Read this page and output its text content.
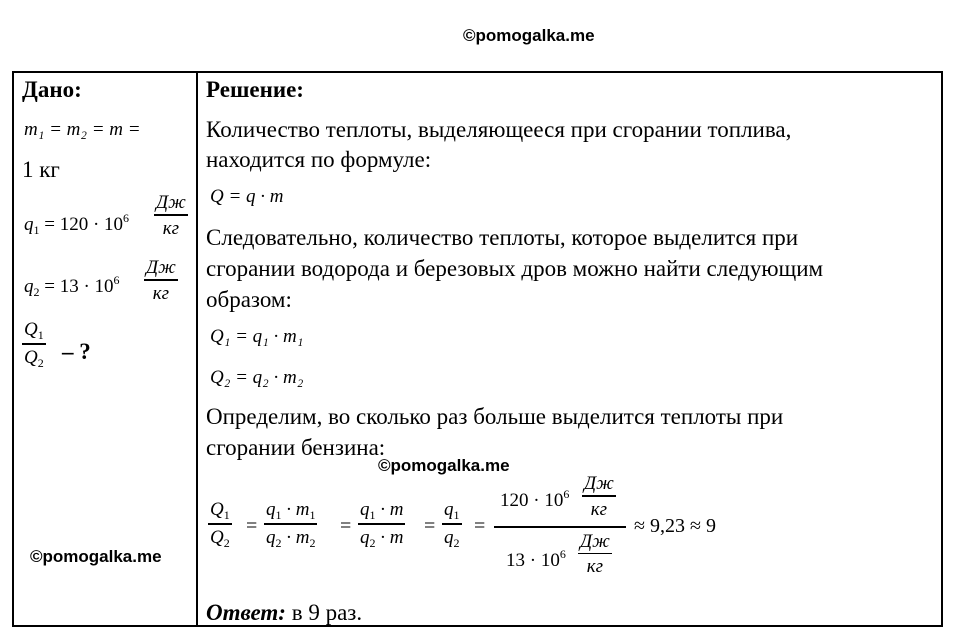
©pomogalka.me
©pomogalka.me
©pomogalka.me
Дано:
m₁ = m₂ = m =
1 кг
$q_1 = 120 \cdot 10^6$
Дж
кг
$q_2 = 13 \cdot 10^6$
Дж
кг
$Q_1$
$Q_2$ – ?
Решение:
Количество теплоты, выделяющееся при сгорании топлива,
находится по формуле:
Q = q · m
Следовательно, количество теплоты, которое выделится при
сгорании водорода и березовых дров можно найти следующим
образом:
Q₁ = q₁ · m₁
Q₂ = q₂ · m₂
Определим, во сколько раз больше выделится теплоты при
сгорании бензина:
$Q_1$
$Q_2$
=
$q_1 \cdot m_1$
$q_2 \cdot m_2$
=
$q_1 \cdot m$
$q_2 \cdot m$ =
$q_1$
$q_2$
=
$120 \cdot 10^6$ Дж
кг
$13 \cdot 10^6$
Дж
кг
≈ 9,23 ≈ 9
Ответ: в 9 раз.
